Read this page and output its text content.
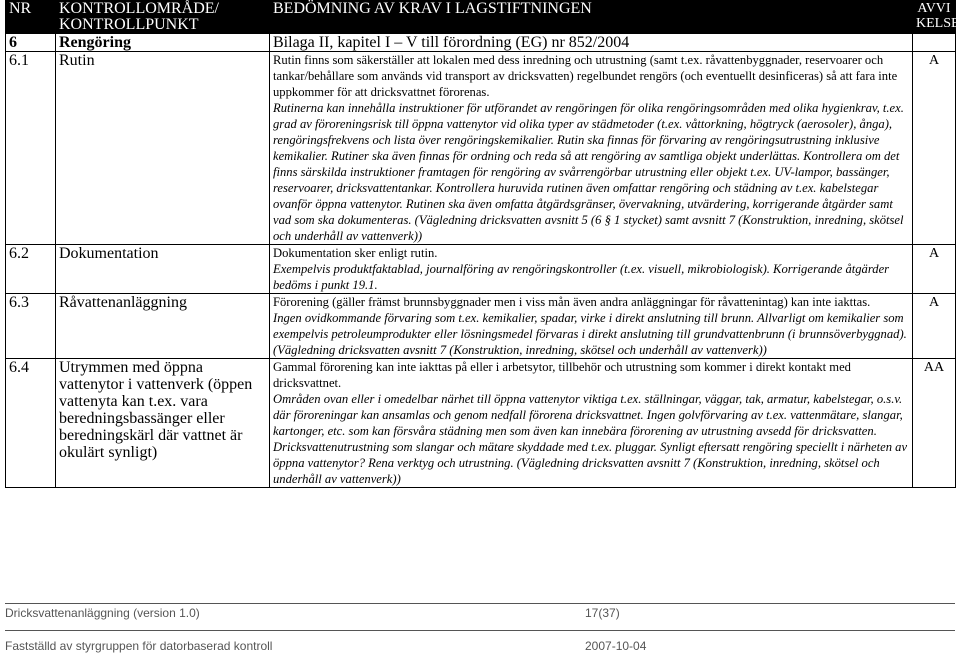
NR	KONTROLLOMRÅDE/ KONTROLLPUNKT	BEDÖMNING AV KRAV I LAGSTIFTNINGEN	AVVI KELSE
6	Rengöring	Bilaga II, kapitel I – V till förordning (EG) nr 852/2004	
6.1	Rutin	Rutin finns som säkerställer att lokalen med dess inredning och utrustning (samt t.ex. råvattenbyggnader, reservoarer och tankar/behållare som används vid transport av dricksvatten) regelbundet rengörs (och eventuellt desinficeras) så att fara inte uppkommer för att dricksvattnet förorenas.

Rutinerna kan innehålla instruktioner för utförandet av rengöringen för olika rengöringsområden med olika hygienkrav, t.ex. grad av föroreningsrisk till öppna vattenytor vid olika typer av städmetoder (t.ex. våttorkning, högtryck (aerosoler), ånga), rengöringsfrekvens och lista över rengöringskemikalier. Rutin ska finnas för förvaring av rengöringsutrustning inklusive kemikalier. Rutiner ska även finnas för ordning och reda så att rengöring av samtliga objekt underlättas. Kontrollera om det finns särskilda instruktioner framtagen för rengöring av svårrengörbar utrustning eller objekt t.ex. UV-lampor, bassänger, reservoarer, dricksvattentankar. Kontrollera huruvida rutinen även omfattar rengöring och städning av t.ex. kabelstegar ovanför öppna vattenytor. Rutinen ska även omfatta åtgärdsgränser, övervakning, utvärdering, korrigerande åtgärder samt vad som ska dokumenteras. (Vägledning dricksvatten avsnitt 5 (6 § 1 stycket) samt avsnitt 7 (Konstruktion, inredning, skötsel och underhåll av vattenverk))	A
6.2	Dokumentation	Dokumentation sker enligt rutin.

Exempelvis produktfaktablad, journalföring av rengöringskontroller (t.ex. visuell, mikrobiologisk). Korrigerande åtgärder bedöms i punkt 19.1.	A
6.3	Råvattenanläggning	Förorening (gäller främst brunnsbyggnader men i viss mån även andra anläggningar för råvattenintag) kan inte iakttas.

Ingen ovidkommande förvaring som t.ex. kemikalier, spadar, virke i direkt anslutning till brunn. Allvarligt om kemikalier som exempelvis petroleumprodukter eller lösningsmedel förvaras i direkt anslutning till grundvattenbrunn (i brunnsöverbyggnad). (Vägledning dricksvatten avsnitt 7 (Konstruktion, inredning, skötsel och underhåll av vattenverk))	A
6.4	Utrymmen med öppna vattenytor i vattenverk (öppen vattenyta kan t.ex. vara beredningsbassänger eller beredningskärl där vattnet är okulärt synligt)	Gammal förorening kan inte iakttas på eller i arbetsytor, tillbehör och utrustning som kommer i direkt kontakt med dricksvattnet.

Områden ovan eller i omedelbar närhet till öppna vattenytor viktiga t.ex. ställningar, väggar, tak, armatur, kabelstegar, o.s.v. där föroreningar kan ansamlas och genom nedfall förorena dricksvattnet. Ingen golvförvaring av t.ex. vattenmätare, slangar, kartonger, etc. som kan försvåra städning men som även kan innebära förorening av utrustning avsedd för dricksvatten. Dricksvattenutrustning som slangar och mätare skyddade med t.ex. pluggar. Synligt eftersatt rengöring speciellt i närheten av öppna vattenytor? Rena verktyg och utrustning. (Vägledning dricksvatten avsnitt 7 (Konstruktion, inredning, skötsel och underhåll av vattenverk))	AA
Dricksvattenanläggning (version 1.0)	17(37)
Fastställd av styrgruppen för datorbaserad kontroll	2007-10-04
